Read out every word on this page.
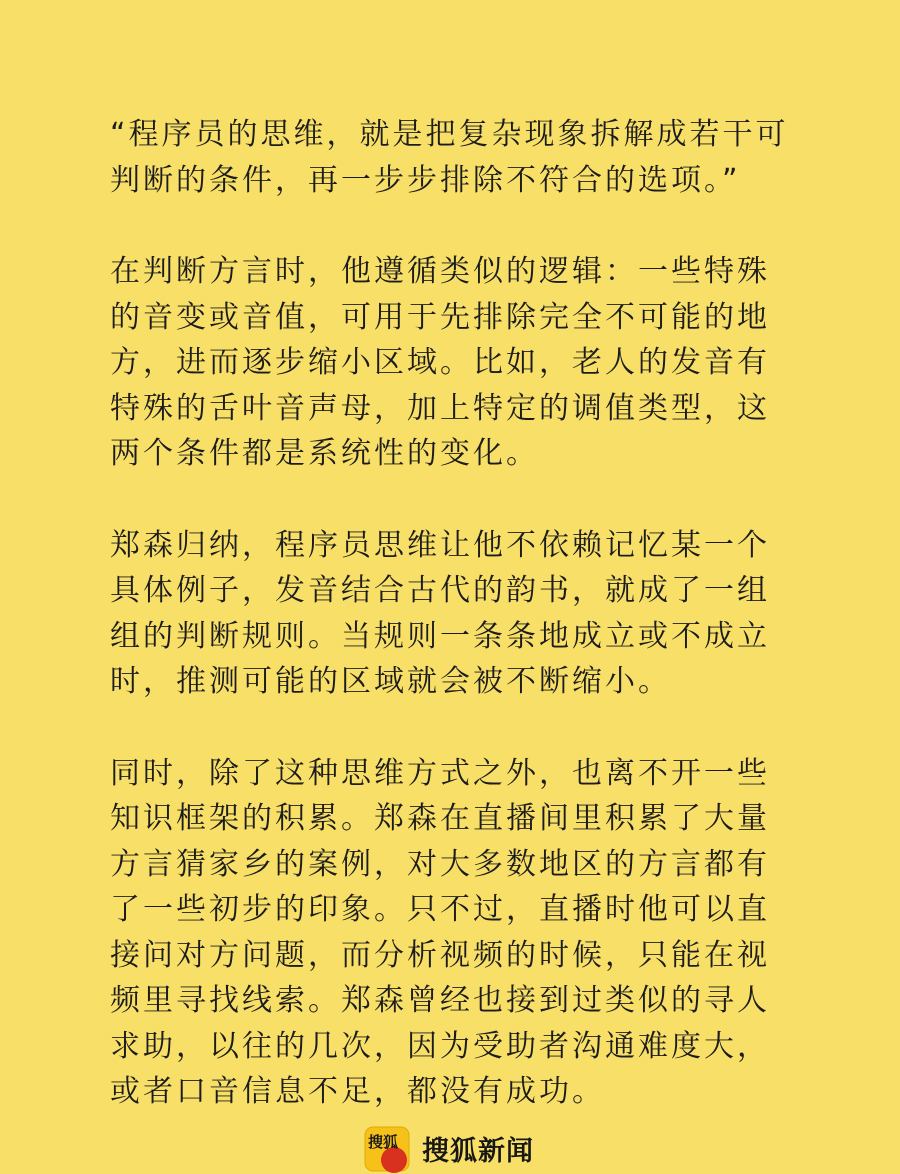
“程序员的思维，就是把复杂现象拆解成若干可判断的条件，再一步步排除不符合的选项。”

在判断方言时，他遵循类似的逻辑：一些特殊的音变或音值，可用于先排除完全不可能的地方，进而逐步缩小区域。比如，老人的发音有特殊的舌叶音声母，加上特定的调值类型，这两个条件都是系统性的变化。

郑森归纳，程序员思维让他不依赖记忆某一个具体例子，发音结合古代的韵书，就成了一组组的判断规则。当规则一条条地成立或不成立时，推测可能的区域就会被不断缩小。

同时，除了这种思维方式之外，也离不开一些知识框架的积累。郑森在直播间里积累了大量方言猜家乡的案例，对大多数地区的方言都有了一些初步的印象。只不过，直播时他可以直接问对方问题，而分析视频的时候，只能在视频里寻找线索。郑森曾经也接到过类似的寻人求助，以往的几次，因为受助者沟通难度大，或者口音信息不足，都没有成功。

搜狐 搜狐新闻
